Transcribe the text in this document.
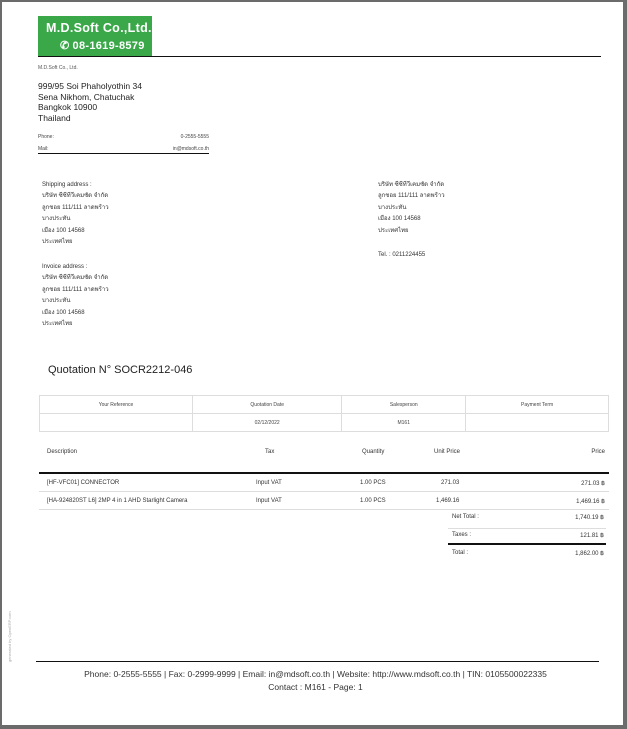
M.D.Soft Co.,Ltd.
✆ 08-1619-8579
M.D.Soft Co., Ltd.
999/95 Soi Phaholyothin 34
Sena Nikhom, Chatuchak
Bangkok 10900
Thailand
Phone:	0-2555-5555
Mail:	in@mdsoft.co.th
Shipping address :
บริษัท ซีซีทีวีเคมซัด จำกัด
ลูกชอย 111/111 ลาดพร้าว
บางประทัน
เมือง 100 14568
ประเทศไทย
Invoice address :
บริษัท ซีซีทีวีเคมซัด จำกัด
ลูกชอย 111/111 ลาดพร้าว
บางประทัน
เมือง 100 14568
ประเทศไทย
บริษัท ซีซีทีวีเคมซัด จำกัด
ลูกชอย 111/111 ลาดพร้าว
บางประทัน
เมือง 100 14568
ประเทศไทย
Tel. : 0211224455
Quotation N° SOCR2212-046
Your Reference	Quotation Date	Salesperson	Payment Term
	02/12/2022	M161	
Description	Tax	Quantity	Unit Price	Price
[HF-VFC01] CONNECTOR	Input VAT	1.00 PCS	271.03	271.03 ฿
[HA-924820ST L6] 2MP 4 in 1 AHD Starlight Camera	Input VAT	1.00 PCS	1,469.16	1,469.16 ฿
Net Total :	1,740.19 ฿
Taxes :	121.81 ฿
Total :	1,862.00 ฿
generated by OpenERP.com
Phone: 0-2555-5555 | Fax: 0-2999-9999 | Email: in@mdsoft.co.th | Website: http://www.mdsoft.co.th | TIN: 0105500022335
Contact : M161 - Page: 1
